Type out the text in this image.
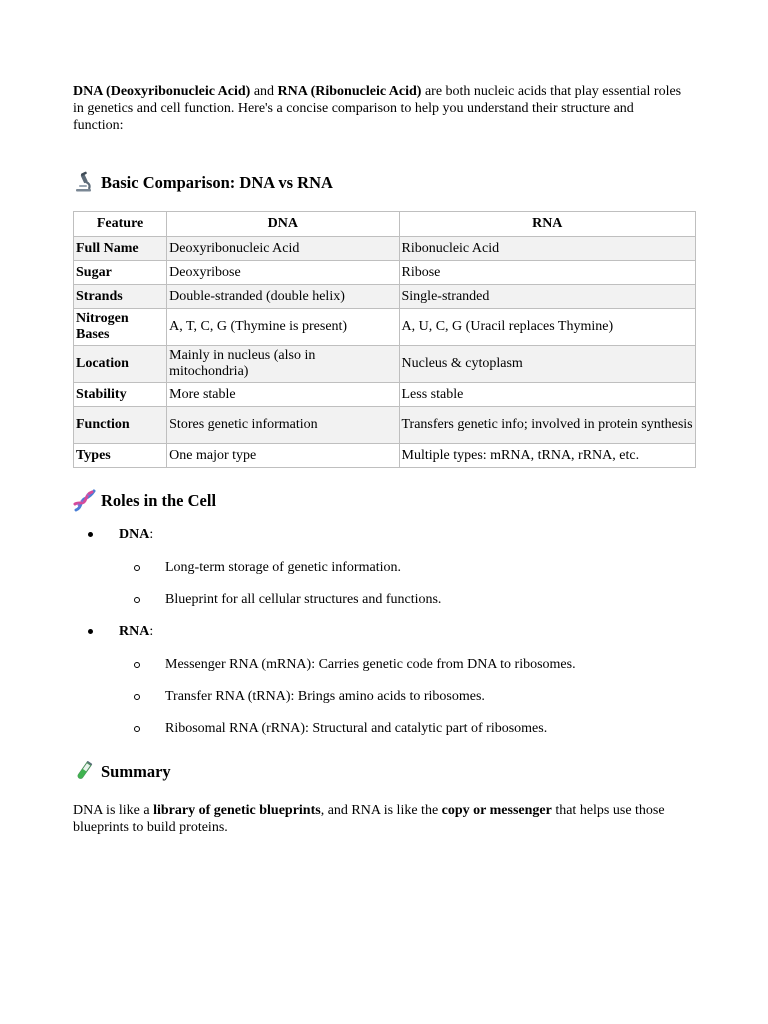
DNA (Deoxyribonucleic Acid) and RNA (Ribonucleic Acid) are both nucleic acids that play essential roles in genetics and cell function. Here's a concise comparison to help you understand their structure and function:

Basic Comparison: DNA vs RNA
Feature	DNA	RNA
Full Name	Deoxyribonucleic Acid	Ribonucleic Acid
Sugar	Deoxyribose	Ribose
Strands	Double-stranded (double helix)	Single-stranded
Nitrogen Bases	A, T, C, G (Thymine is present)	A, U, C, G (Uracil replaces Thymine)
Location	Mainly in nucleus (also in mitochondria)	Nucleus & cytoplasm
Stability	More stable	Less stable
Function	Stores genetic information	Transfers genetic info; involved in protein synthesis
Types	One major type	Multiple types: mRNA, tRNA, rRNA, etc.
Roles in the Cell
DNA:
Long-term storage of genetic information.
Blueprint for all cellular structures and functions.
RNA:
Messenger RNA (mRNA): Carries genetic code from DNA to ribosomes.
Transfer RNA (tRNA): Brings amino acids to ribosomes.
Ribosomal RNA (rRNA): Structural and catalytic part of ribosomes.
Summary

DNA is like a library of genetic blueprints, and RNA is like the copy or messenger that helps use those blueprints to build proteins.
